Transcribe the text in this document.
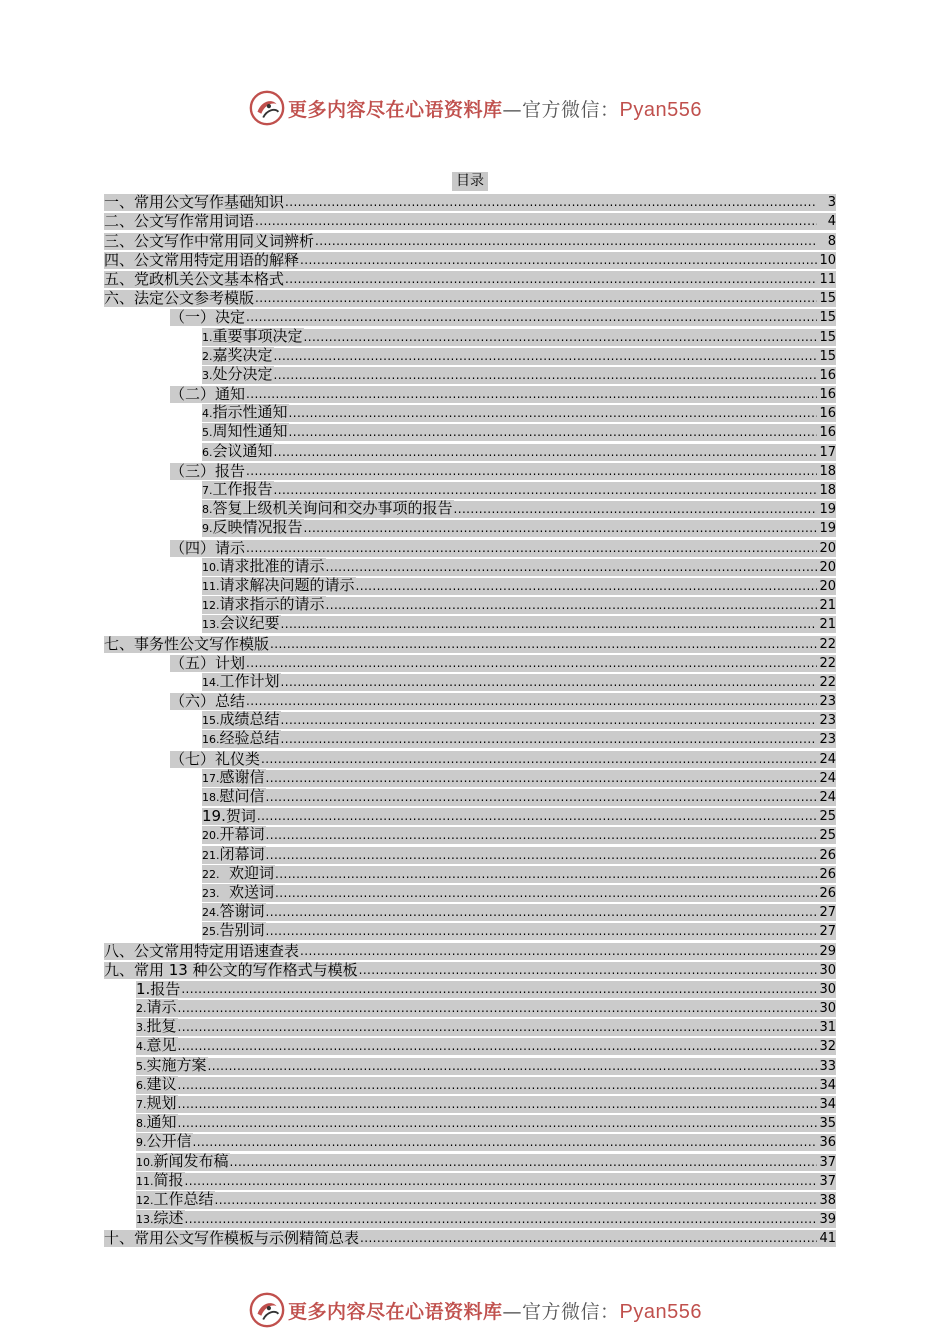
更多内容尽在心语资料库—官方微信：Pyan556
目录
一、常用公文写作基础知识 .....	3
二、公文写作常用词语 .....	4
三、公文写作中常用同义词辨析 .....	8
四、公文常用特定用语的解释 .....	10
五、党政机关公文基本格式 .....	11
六、法定公文参考模版 .....	15
（一）决定 .....	15
1.重要事项决定 .....	15
2.嘉奖决定 .....	15
3.处分决定 .....	16
（二）通知 .....	16
4.指示性通知 .....	16
5.周知性通知 .....	16
6.会议通知 .....	17
（三）报告 .....	18
7.工作报告 .....	18
8.答复上级机关询问和交办事项的报告 .....	19
9.反映情况报告 .....	19
（四）请示 .....	20
10.请求批准的请示 .....	20
11.请求解决问题的请示 .....	20
12.请求指示的请示 .....	21
13.会议纪要 .....	21
七、事务性公文写作模版 .....	22
（五）计划 .....	22
14.工作计划 .....	22
（六）总结 .....	23
15.成绩总结 .....	23
16.经验总结 .....	23
（七）礼仪类 .....	24
17.感谢信 .....	24
18.慰问信 .....	24
19.贺词 .....	25
20.开幕词 .....	25
21.闭幕词 .....	26
22.  欢迎词 .....	26
23.  欢送词 .....	26
24.答谢词 .....	27
25.告别词 .....	27
八、公文常用特定用语速查表 .....	29
九、常用 13 种公文的写作格式与模板 .....	30
1.报告 .....	30
2.请示 .....	30
3.批复 .....	31
4.意见 .....	32
5.实施方案 .....	33
6.建议 .....	34
7.规划 .....	34
8.通知 .....	35
9.公开信 .....	36
10.新闻发布稿 .....	37
11.简报 .....	37
12.工作总结 .....	38
13.综述 .....	39
十、常用公文写作模板与示例精简总表 .....	41
更多内容尽在心语资料库—官方微信：Pyan556
